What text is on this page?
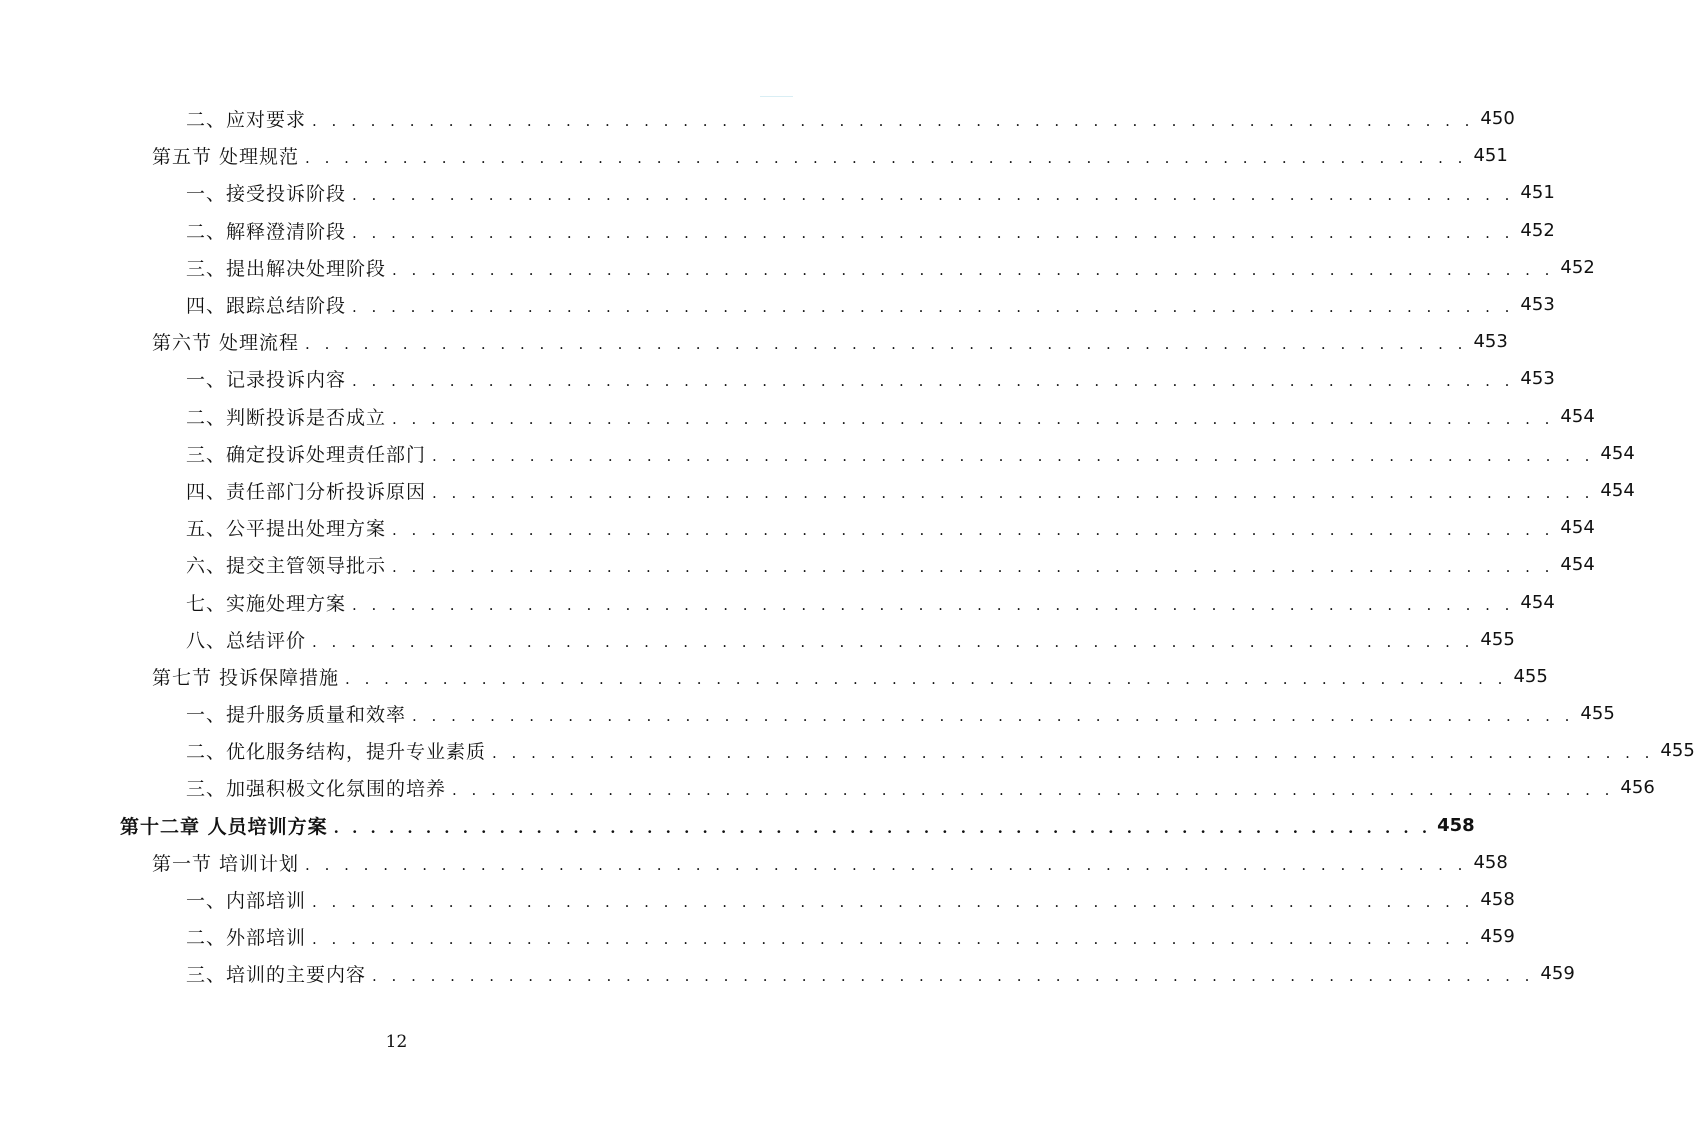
二、应对要求 . . . . . . . . . . . . . . . . . . . . . . . . . . . . . . . . . . . . . . . . . . . . . . . . . . . . . . . . . . . . 450
第五节 处理规范 . . . . . . . . . . . . . . . . . . . . . . . . . . . . . . . . . . . . . . . . . . . . . . . . . . . . . . . . . . . . 451
一、接受投诉阶段 . . . . . . . . . . . . . . . . . . . . . . . . . . . . . . . . . . . . . . . . . . . . . . . . . . . . . . . . . . . . 451
二、解释澄清阶段 . . . . . . . . . . . . . . . . . . . . . . . . . . . . . . . . . . . . . . . . . . . . . . . . . . . . . . . . . . . . 452
三、提出解决处理阶段 . . . . . . . . . . . . . . . . . . . . . . . . . . . . . . . . . . . . . . . . . . . . . . . . . . . . . . . . . . . . 452
四、跟踪总结阶段 . . . . . . . . . . . . . . . . . . . . . . . . . . . . . . . . . . . . . . . . . . . . . . . . . . . . . . . . . . . . 453
第六节 处理流程 . . . . . . . . . . . . . . . . . . . . . . . . . . . . . . . . . . . . . . . . . . . . . . . . . . . . . . . . . . . . 453
一、记录投诉内容 . . . . . . . . . . . . . . . . . . . . . . . . . . . . . . . . . . . . . . . . . . . . . . . . . . . . . . . . . . . . 453
二、判断投诉是否成立 . . . . . . . . . . . . . . . . . . . . . . . . . . . . . . . . . . . . . . . . . . . . . . . . . . . . . . . . . . . . 454
三、确定投诉处理责任部门 . . . . . . . . . . . . . . . . . . . . . . . . . . . . . . . . . . . . . . . . . . . . . . . . . . . . . . . . . . . . 454
四、责任部门分析投诉原因 . . . . . . . . . . . . . . . . . . . . . . . . . . . . . . . . . . . . . . . . . . . . . . . . . . . . . . . . . . . . 454
五、公平提出处理方案 . . . . . . . . . . . . . . . . . . . . . . . . . . . . . . . . . . . . . . . . . . . . . . . . . . . . . . . . . . . . 454
六、提交主管领导批示 . . . . . . . . . . . . . . . . . . . . . . . . . . . . . . . . . . . . . . . . . . . . . . . . . . . . . . . . . . . . 454
七、实施处理方案 . . . . . . . . . . . . . . . . . . . . . . . . . . . . . . . . . . . . . . . . . . . . . . . . . . . . . . . . . . . . 454
八、总结评价 . . . . . . . . . . . . . . . . . . . . . . . . . . . . . . . . . . . . . . . . . . . . . . . . . . . . . . . . . . . . 455
第七节 投诉保障措施 . . . . . . . . . . . . . . . . . . . . . . . . . . . . . . . . . . . . . . . . . . . . . . . . . . . . . . . . . . . . 455
一、提升服务质量和效率 . . . . . . . . . . . . . . . . . . . . . . . . . . . . . . . . . . . . . . . . . . . . . . . . . . . . . . . . . . . . 455
二、优化服务结构，提升专业素质 . . . . . . . . . . . . . . . . . . . . . . . . . . . . . . . . . . . . . . . . . . . . . . . . . . . . . . . . . . . . 455
三、加强积极文化氛围的培养 . . . . . . . . . . . . . . . . . . . . . . . . . . . . . . . . . . . . . . . . . . . . . . . . . . . . . . . . . . . . 456
第十二章 人员培训方案 . . . . . . . . . . . . . . . . . . . . . . . . . . . . . . . . . . . . . . . . . . . . . . . . . . . . . . . . . . . . 458
第一节 培训计划 . . . . . . . . . . . . . . . . . . . . . . . . . . . . . . . . . . . . . . . . . . . . . . . . . . . . . . . . . . . . 458
一、内部培训 . . . . . . . . . . . . . . . . . . . . . . . . . . . . . . . . . . . . . . . . . . . . . . . . . . . . . . . . . . . . 458
二、外部培训 . . . . . . . . . . . . . . . . . . . . . . . . . . . . . . . . . . . . . . . . . . . . . . . . . . . . . . . . . . . . 459
三、培训的主要内容 . . . . . . . . . . . . . . . . . . . . . . . . . . . . . . . . . . . . . . . . . . . . . . . . . . . . . . . . . . . . 459
12
